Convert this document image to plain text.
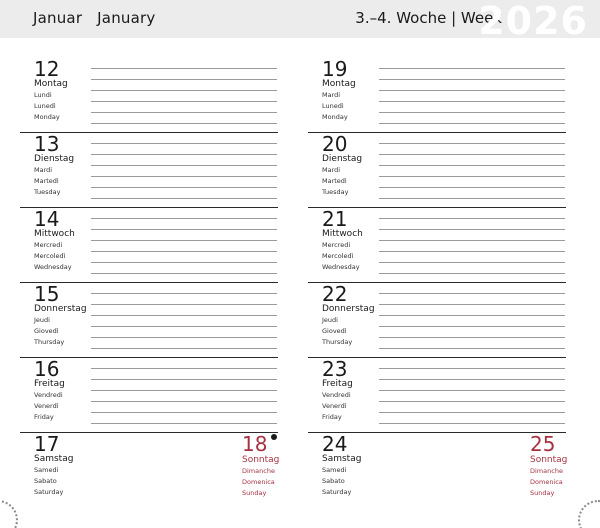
Januar January	3.–4. Woche | Week
2026
12
Montag
Lundi
Lunedì
Monday
13
Dienstag
Mardi
Martedì
Tuesday
14
Mittwoch
Mercredi
Mercoledì
Wednesday
15
Donnerstag
Jeudi
Giovedì
Thursday
16
Freitag
Vendredi
Venerdì
Friday
17
Samstag
Samedi
Sabato
Saturday
18
Sonntag
Dimanche
Domenica
Sunday
19
Montag
Mardi
Lunedì
Monday
20
Dienstag
Mardi
Martedì
Tuesday
21
Mittwoch
Mercredi
Mercoledì
Wednesday
22
Donnerstag
Jeudi
Giovedì
Thursday
23
Freitag
Vendredi
Venerdì
Friday
24
Samstag
Samedi
Sabato
Saturday
25
Sonntag
Dimanche
Domenica
Sunday
